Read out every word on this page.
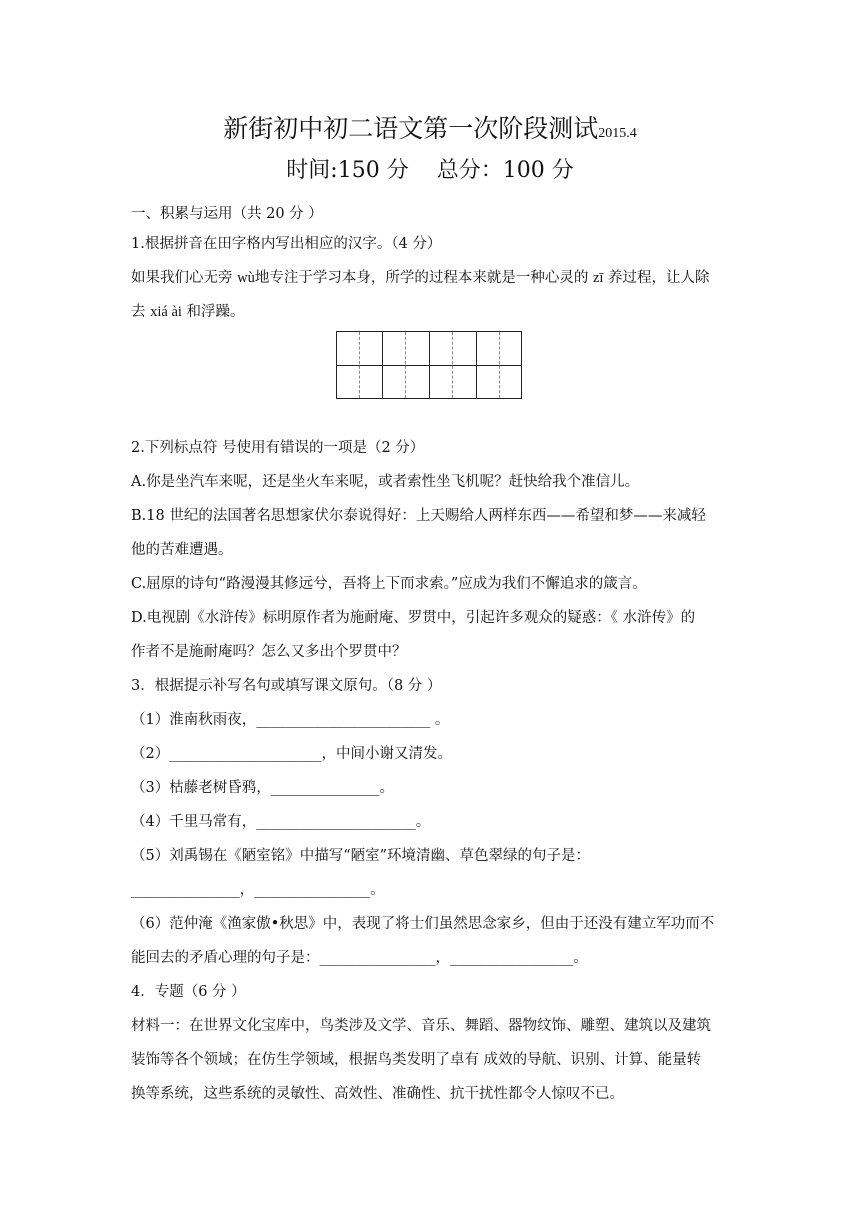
新街初中初二语文第一次阶段测试2015.4
时间:150 分 总分：100 分
一、积累与运用（共 20 分 ）
1.根据拼音在田字格内写出相应的汉字。（4 分）
如果我们心无旁 wù地专注于学习本身，所学的过程本来就是一种心灵的 zī 养过程，让人除
去 xiá ài 和浮躁。
2.下列标点符 号使用有错误的一项是（2 分）
A.你是坐汽车来呢，还是坐火车来呢，或者索性坐飞机呢？赶快给我个准信儿。
B.18 世纪的法国著名思想家伏尔泰说得好：上天赐给人两样东西——希望和梦——来减轻
他的苦难遭遇。
C.屈原的诗句“路漫漫其修远兮，吾将上下而求索。”应成为我们不懈追求的箴言。
D.电视剧《水浒传》标明原作者为施耐庵、罗贯中，引起许多观众的疑惑：《 水浒传》的
作者不是施耐庵吗？怎么又多出个罗贯中？
3．根据提示补写名句或填写课文原句。（8 分 ）
（1）淮南秋雨夜，________________________ 。
（2）_____________________，中间小谢又清发。
（3）枯藤老树昏鸦，_______________。
（4）千里马常有，______________________。
（5）刘禹锡在《陋室铭》中描写“陋室”环境清幽、草色翠绿的句子是：
_______________，________________。
（6）范仲淹《渔家傲•秋思》中，表现了将士们虽然思念家乡，但由于还没有建立军功而不
能回去的矛盾心理的句子是：________________，_________________。
4．专题（6 分 ）
材料一：在世界文化宝库中，鸟类涉及文学、音乐、舞蹈、器物纹饰、雕塑、建筑以及建筑
装饰等各个领域；在仿生学领域，根据鸟类发明了卓有 成效的导航、识别、计算、能量转
换等系统，这些系统的灵敏性、高效性、准确性、抗干扰性都令人惊叹不已。
